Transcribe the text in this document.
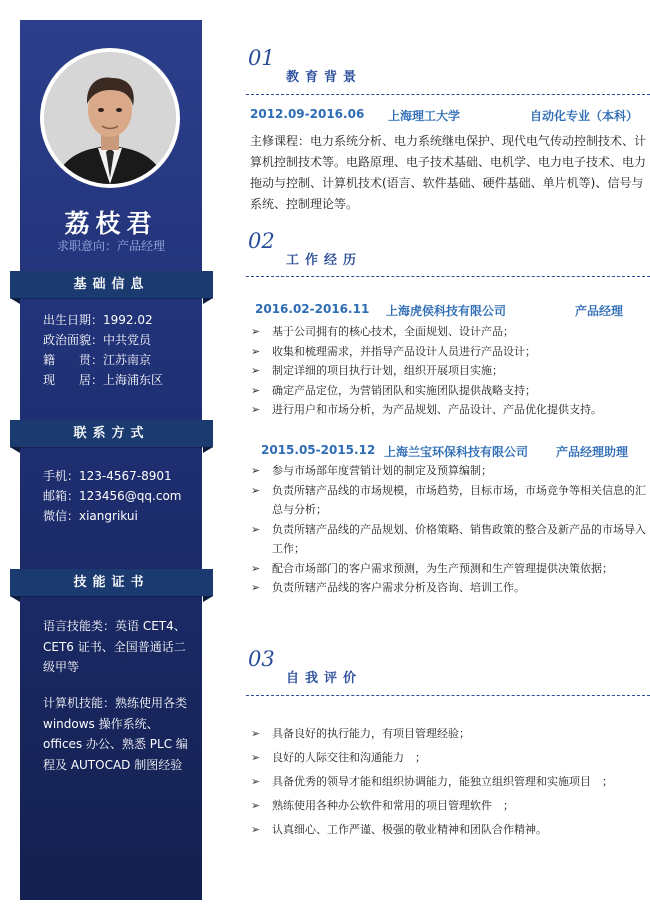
荔枝君
求职意向：产品经理
基础信息
出生日期：1992.02
政治面貌：中共党员
籍　　贯：江苏南京
现　　居：上海浦东区
联系方式
手机：123-4567-8901
邮箱：123456@qq.com
微信：xiangrikui
技能证书
语言技能类：英语 CET4、CET6 证书、全国普通话二级甲等
计算机技能：熟练使用各类 windows 操作系统、offices 办公、熟悉 PLC 编程及 AUTOCAD 制图经验
01
教育背景
2012.09-2016.06 上海理工大学	自动化专业（本科）
主修课程：电力系统分析、电力系统继电保护、现代电气传动控制技术、计算机控制技术等。电路原理、电子技术基础、电机学、电力电子技术、电力拖动与控制、计算机技术(语言、软件基础、硬件基础、单片机等)、信号与系统、控制理论等。
02
工作经历
2016.02-2016.11 上海虎侯科技有限公司	产品经理
➢ 基于公司拥有的核心技术，全面规划、设计产品；
➢ 收集和梳理需求，并指导产品设计人员进行产品设计；
➢ 制定详细的项目执行计划，组织开展项目实施；
➢ 确定产品定位，为营销团队和实施团队提供战略支持；
➢ 进行用户和市场分析，为产品规划、产品设计、产品优化提供支持。
2015.05-2015.12 上海兰宝环保科技有限公司 产品经理助理
➢ 参与市场部年度营销计划的制定及预算编制；
➢ 负责所辖产品线的市场规模，市场趋势，目标市场，市场竞争等相关信息的汇总与分析；
➢ 负责所辖产品线的产品规划、价格策略、销售政策的整合及新产品的市场导入工作；
➢ 配合市场部门的客户需求预测，为生产预测和生产管理提供决策依据；
➢ 负责所辖产品线的客户需求分析及咨询、培训工作。
03
自我评价
➢ 具备良好的执行能力，有项目管理经验；
➢ 良好的人际交往和沟通能力　；
➢ 具备优秀的领导才能和组织协调能力，能独立组织管理和实施项目　；
➢ 熟练使用各种办公软件和常用的项目管理软件　；
➢ 认真细心、工作严谨、极强的敬业精神和团队合作精神。
